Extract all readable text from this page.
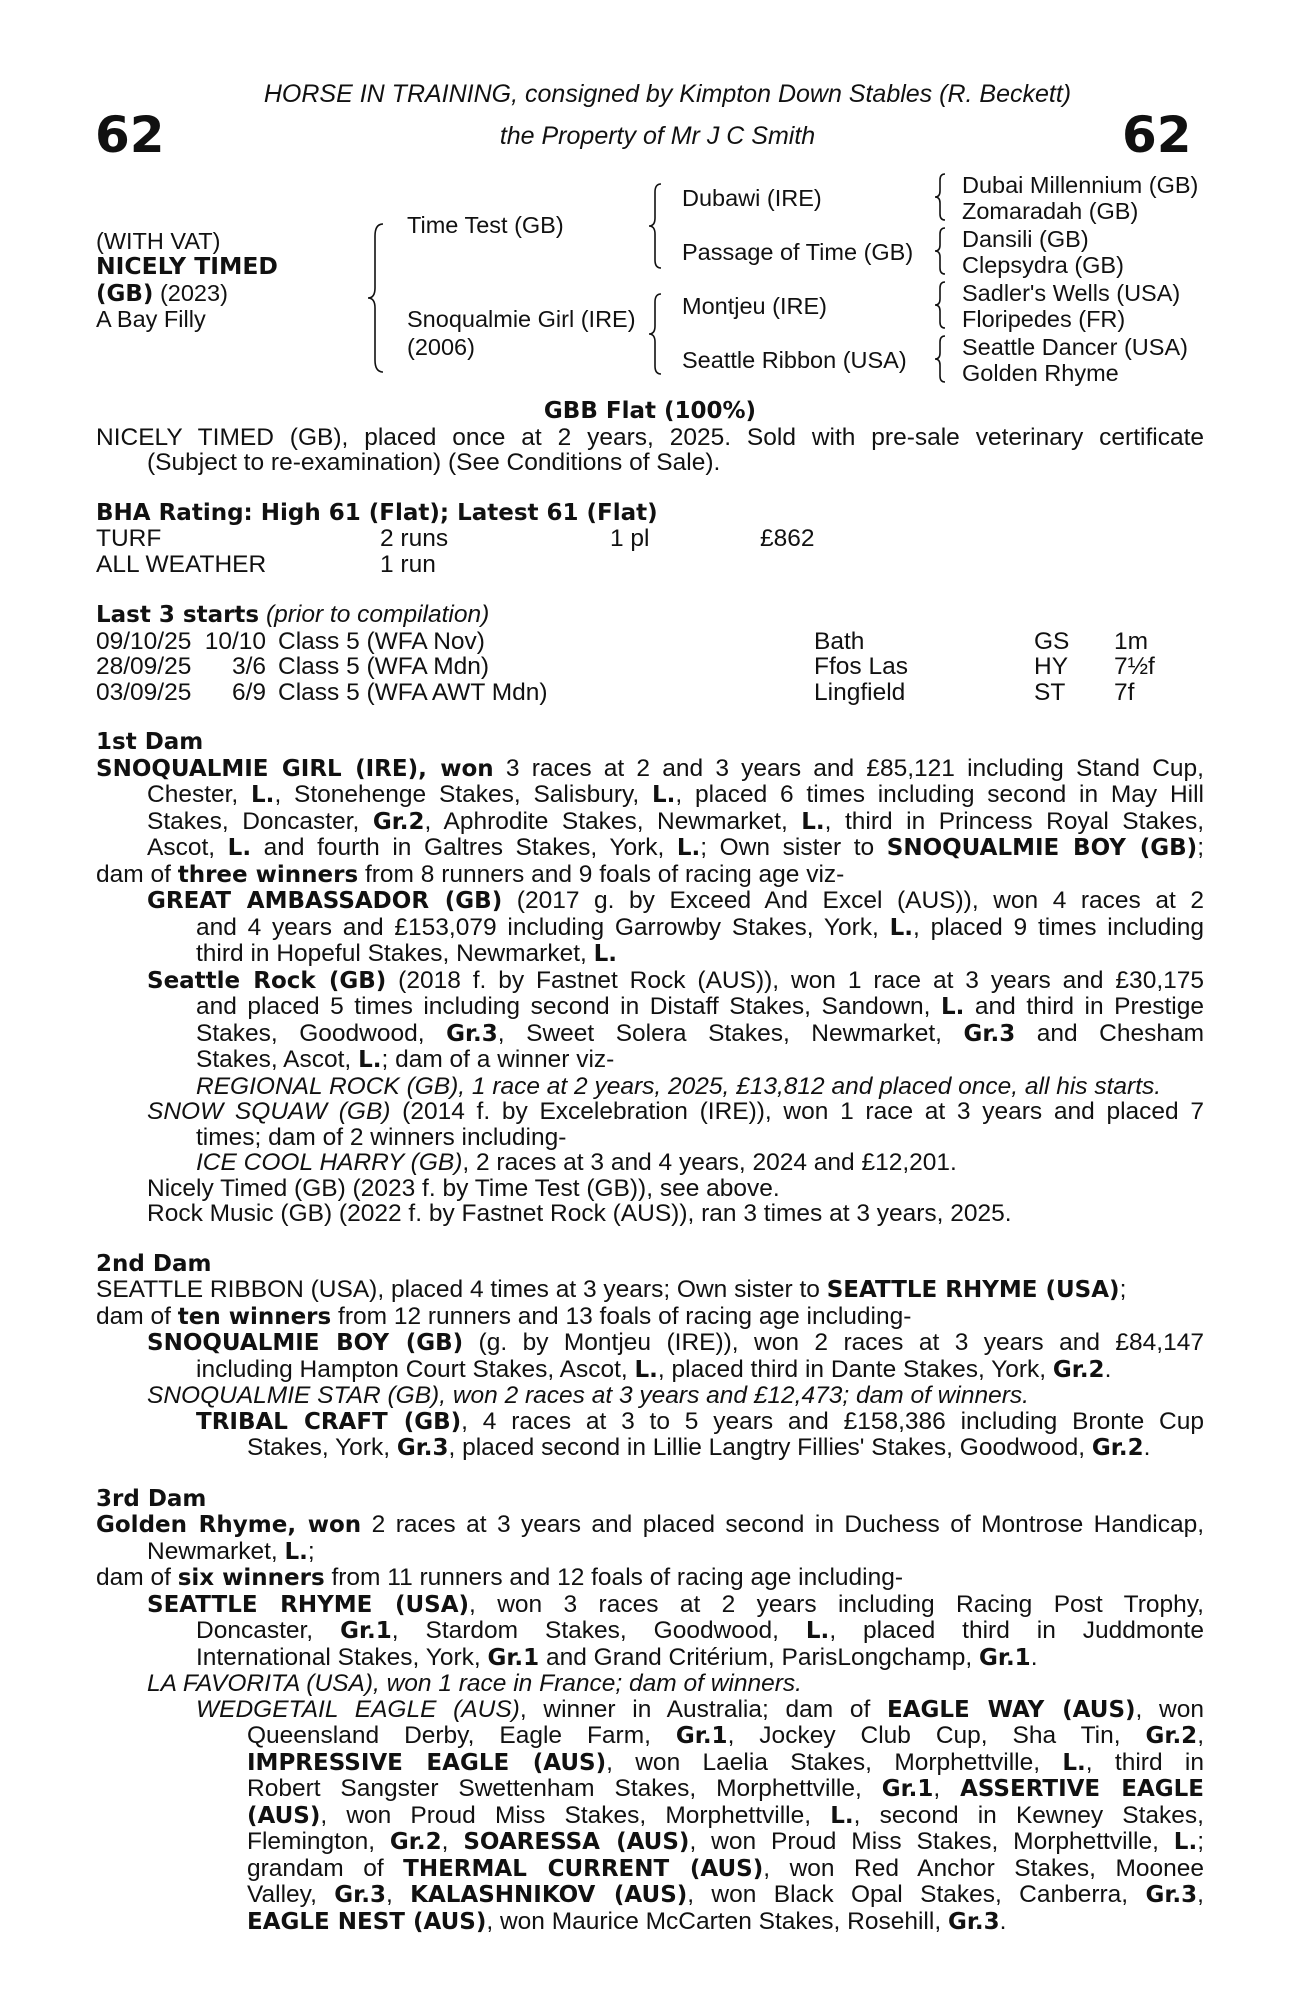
62	62
HORSE IN TRAINING, consigned by Kimpton Down Stables (R. Beckett)
the Property of Mr J C Smith
(WITH VAT)
NICELY TIMED
(GB) (2023)
A Bay Filly
Time Test (GB)
Snoqualmie Girl (IRE)
(2006)
Dubawi (IRE)
Passage of Time (GB)
Montjeu (IRE)
Seattle Ribbon (USA)
Dubai Millennium (GB)
Zomaradah (GB)
Dansili (GB)
Clepsydra (GB)
Sadler's Wells (USA)
Floripedes (FR)
Seattle Dancer (USA)
Golden Rhyme
GBB Flat (100%)
NICELY TIMED (GB), placed once at 2 years, 2025. Sold with pre-sale veterinary certificate
(Subject to re-examination) (See Conditions of Sale).
BHA Rating: High 61 (Flat); Latest 61 (Flat)
TURF	2 runs	1 pl	£862
ALL WEATHER	1 run
Last 3 starts (prior to compilation)
09/10/25 10/10 Class 5 (WFA Nov)	Bath	GS	1m
28/09/25	3/6 Class 5 (WFA Mdn)	Ffos Las	HY	7½f
03/09/25	6/9 Class 5 (WFA AWT Mdn)	Lingfield	ST	7f
1st Dam
SNOQUALMIE GIRL (IRE), won 3 races at 2 and 3 years and £85,121 including Stand Cup,
Chester, L., Stonehenge Stakes, Salisbury, L., placed 6 times including second in May Hill
Stakes, Doncaster, Gr.2, Aphrodite Stakes, Newmarket, L., third in Princess Royal Stakes,
Ascot, L. and fourth in Galtres Stakes, York, L.; Own sister to SNOQUALMIE BOY (GB);
dam of three winners from 8 runners and 9 foals of racing age viz-
GREAT AMBASSADOR (GB) (2017 g. by Exceed And Excel (AUS)), won 4 races at 2
and 4 years and £153,079 including Garrowby Stakes, York, L., placed 9 times including
third in Hopeful Stakes, Newmarket, L.
Seattle Rock (GB) (2018 f. by Fastnet Rock (AUS)), won 1 race at 3 years and £30,175
and placed 5 times including second in Distaff Stakes, Sandown, L. and third in Prestige
Stakes, Goodwood, Gr.3, Sweet Solera Stakes, Newmarket, Gr.3 and Chesham
Stakes, Ascot, L.; dam of a winner viz-
REGIONAL ROCK (GB), 1 race at 2 years, 2025, £13,812 and placed once, all his starts.
SNOW SQUAW (GB) (2014 f. by Excelebration (IRE)), won 1 race at 3 years and placed 7
times; dam of 2 winners including-
ICE COOL HARRY (GB), 2 races at 3 and 4 years, 2024 and £12,201.
Nicely Timed (GB) (2023 f. by Time Test (GB)), see above.
Rock Music (GB) (2022 f. by Fastnet Rock (AUS)), ran 3 times at 3 years, 2025.
2nd Dam
SEATTLE RIBBON (USA), placed 4 times at 3 years; Own sister to SEATTLE RHYME (USA);
dam of ten winners from 12 runners and 13 foals of racing age including-
SNOQUALMIE BOY (GB) (g. by Montjeu (IRE)), won 2 races at 3 years and £84,147
including Hampton Court Stakes, Ascot, L., placed third in Dante Stakes, York, Gr.2.
SNOQUALMIE STAR (GB), won 2 races at 3 years and £12,473; dam of winners.
TRIBAL CRAFT (GB), 4 races at 3 to 5 years and £158,386 including Bronte Cup
Stakes, York, Gr.3, placed second in Lillie Langtry Fillies' Stakes, Goodwood, Gr.2.
3rd Dam
Golden Rhyme, won 2 races at 3 years and placed second in Duchess of Montrose Handicap,
Newmarket, L.;
dam of six winners from 11 runners and 12 foals of racing age including-
SEATTLE RHYME (USA), won 3 races at 2 years including Racing Post Trophy,
Doncaster, Gr.1, Stardom Stakes, Goodwood, L., placed third in Juddmonte
International Stakes, York, Gr.1 and Grand Critérium, ParisLongchamp, Gr.1.
LA FAVORITA (USA), won 1 race in France; dam of winners.
WEDGETAIL EAGLE (AUS), winner in Australia; dam of EAGLE WAY (AUS), won
Queensland Derby, Eagle Farm, Gr.1, Jockey Club Cup, Sha Tin, Gr.2,
IMPRESSIVE EAGLE (AUS), won Laelia Stakes, Morphettville, L., third in
Robert Sangster Swettenham Stakes, Morphettville, Gr.1, ASSERTIVE EAGLE
(AUS), won Proud Miss Stakes, Morphettville, L., second in Kewney Stakes,
Flemington, Gr.2, SOARESSA (AUS), won Proud Miss Stakes, Morphettville, L.;
grandam of THERMAL CURRENT (AUS), won Red Anchor Stakes, Moonee
Valley, Gr.3, KALASHNIKOV (AUS), won Black Opal Stakes, Canberra, Gr.3,
EAGLE NEST (AUS), won Maurice McCarten Stakes, Rosehill, Gr.3.
